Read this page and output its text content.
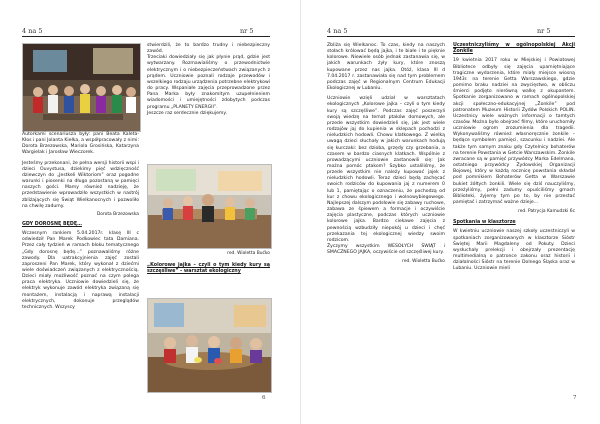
4 na 5	nr 5

Autorkami scenariusza były: pani Beata Kaleta-Kłos i pani Jolanta Kiełka, a współpracowały z nimi: Dorota Brzezowska, Mariola Grosińska, Katarzyna Wargielak i Jarosław Wieczorek.

Jesteśmy przekonani, że pełna wersji historii wspi i dzieci Ouvystusa, dziekimy pięć wdzięczność dziewczyn do „Jestkeli Wiktoriom” oraz pogodne warunki i piosenki na długo pozostaną w pamięci naszych gości. Mamy również nadzieję, że przedstawienie wprowadziło wszystkich w nastrój zbliżających się Świąt Wielkanocnych i pozwoliło na chwilę zadumy.

Dorota Brzezowska
GDY DOROSNĘ BĘDĘ…

Wczesnym rankiem 5.04.2017r. klasę III c odwiedził Pan Marek Podkowiec tata Damiana. Przez cały tydzień w ramach bloku tematycznego „Gdy dorosnę będę…” poznawaliśmy różne zawody. Dla uatrakcyjnienia zajęć zostali zaproszeni Pan Marek, który wykonał z dziećmi wiele doświadczeń związanych z elektrycznością. Dzieci miały możliwość poznać na czym polega praca elektryka. Uczniowie dowiedzieli się, że elektryk wykonuje zawód elektryka związaną się montażem, instalacją i naprawą instalacji elektrycznych, dokonuje przeglądów technicznych. Wszyscy

stwierdzili, że to bardzo trudny i niebezpieczny zawód.

Trzeciaki dowiedziały się jak płynie prąd, gdzie jest wytwarzany. Rozmawialiśmy o przewodnictwie elektrycznym i o niebezpieczeństwach związanych z prądem. Uczniowie poznali rodzaje przewodów i wszelkiego rodzaju urządzenia potrzebne elektrykowi do pracy. Wspaniałe zajęcia przeprowadzone przez Pana Marka były znakomitym uzupełnieniem wiadomości i umiejętności zdobytych podczas programu „PLANETY ENERGII”.

Jeszcze raz serdecznie dziękujemy.

red. Wioletta Bućko
„Kolorowe jajka – czyli o tym kiedy kury są szczęśliwe” - warsztat ekologiczny
6
4 na 5	nr 5

Zbliża się Wielkanoc. To czas, kiedy na naszych stołach królować będą jajka, i te białe i te pięknie kolorowe. Niewiele osób jednak zastanawia się, w jakich warunkach żyły kury, które znoszą kupowane przez nas jajka. Otóż, klasa III d 7.04.2017 r. zastanawiała się nad tym problemem podczas zajęć w Regionalnym Centrum Edukacji Ekologicznej w Lubaniu.

Uczniowie wzięli udział w warsztatach ekologicznych „Kolorowe jajka – czyli o tym kiedy kury są szczęśliwe”. Podczas zajęć poszerzyli swoją wiedzę na temat ptaków domowych, ale przede wszystkim dowiedzieli się, jak jest wiele rodzajów jaj do kupienia w sklepach pochodzi z nieludzkich hodowli. Chowu klatkowego. Z wielką uwagą dzieci słuchały w jakich warunkach hodują się kurczaki: bez dzioba, grzędy czy grzebania, a czasem w bardzo ciasnych klatkach. Wspólnie z prowadzącymi uczniowie zastanowili się: Jak można pomóc ptakom? Szybko ustaliliśmy, że przede wszystkim nie należy kupować jajek z nieludzkich hodowli. Teraz dzieci będą zachęcać swoich rodziców do kupowania jaj z numerem 0 lub 1, pamiętając o oznaczeniu, że pochodzą od kur z chowu ekologicznego i wolnowybiegowego. Najlepszej dalszym podsłowie się zabawy ruchowe, zabawa ze śpiewem a formacje i oczywiście zajęcia plastyczne, podczas których uczniowie kolorowe jajka. Bardzo ciekawe zajęcia z pewnością wzbudziły niepokój u dzieci i chęć przekazania tej ekologicznej wiedzy swoim rodzicom.

Życzymy wszystkim WESOŁYCH ŚWIĄT i SMACZNEGO JAJKA, oczywiście od szczęśliwej kury.

red. Wioletta Bućko
Uczestniczyliśmy w ogólnopolskiej Akcji Żonkile

19 kwietnia 2017 roku w Miejskiej i Powiatowej Bibliotece odbyły się zajęcia upamiętniające tragiczne wydarzenia, które miały miejsce wiosną 1943r. na terenie Getta Warszawskiego, gdzie pomimo braku nadziei na zwycięstwo, w obliczu śmierci podjęto nierówną walkę z okupantem. Spotkanie zorganizowano w ramach ogólnopolskiej akcji społeczno-edukacyjnej „Żonkile” pod patronatem Muzeum Historii Żydów Polskich POLIN. Uczestnicy wiele ważnych informacji o tamtych czasów. Można było obejrzeć filmy, które uruchomiły uczniowie ogrom zrozumienia dla tragedii. Wykonywaliśmy również własnoręcznie żonkile – będące symbolem pamięci, szacunku i nadziei. Ale także tym samym znaku gdy Czytelnicy bohaterów na terenie Powstania w Getcie Warszawskim. Żonkile zwracane są w pamięć przywódcy Marka Edelmana, ostatniego przywódcy Żydowskiej Organizacji Bojowej, który w każdą rocznicę powstania składał pod pomnikiem Bohaterów Getta w Warszawie bukiet żółtych żonkili. Wiele się dziś nauczyliśmy, przeżyliśmy, pełni zadumy opuściliśmy gmach Biblioteki, żyjemy tym po to, by nie przestać pamiętać i zatrzymać ważne dzieje…

red. Patrycja Kamudzki 6c
Spotkania w klasztorze

W kwietniu uczniowie naszej szkoły uczestniczyli w spotkaniach zorganizowanych w klasztorze Sióstr Świętej Marii Magdaleny od Pokuty. Dzieci wysłuchały prelekcji i obejrzały prezentację multimedialną o patronce zakonu oraz historii i działalności Sióstr na terenie Dolnego Śląska oraz w Lubaniu. Uczniowie mieli

7
